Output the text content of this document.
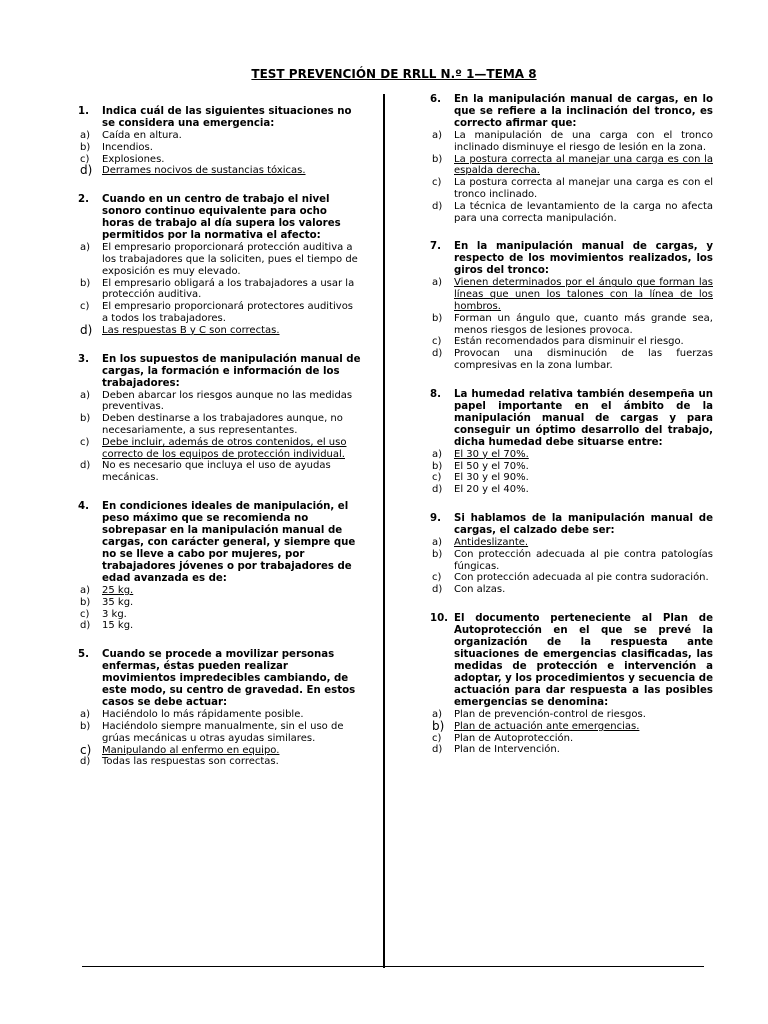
TEST PREVENCIÓN DE RRLL N.º 1—TEMA 8
1.	Indica cuál de las siguientes situaciones no se considera una emergencia:
a)	Caída en altura.
b)	Incendios.
c)	Explosiones.
d) Derrames nocivos de sustancias tóxicas.
2.	Cuando en un centro de trabajo el nivel sonoro continuo equivalente para ocho horas de trabajo al día supera los valores permitidos por la normativa el afecto:
a)	El empresario proporcionará protección auditiva a los trabajadores que la soliciten, pues el tiempo de exposición es muy elevado.
b)	El empresario obligará a los trabajadores a usar la protección auditiva.
c)	El empresario proporcionará protectores auditivos a todos los trabajadores.
d) Las respuestas B y C son correctas.
3.	En los supuestos de manipulación manual de cargas, la formación e información de los trabajadores:
a)	Deben abarcar los riesgos aunque no las medidas preventivas.
b)	Deben destinarse a los trabajadores aunque, no necesariamente, a sus representantes.
c)	Debe incluir, además de otros contenidos, el uso correcto de los equipos de protección individual.
d)	No es necesario que incluya el uso de ayudas mecánicas.
4.	En condiciones ideales de manipulación, el peso máximo que se recomienda no sobrepasar en la manipulación manual de cargas, con carácter general, y siempre que no se lleve a cabo por mujeres, por trabajadores jóvenes o por trabajadores de edad avanzada es de:
a)	25 kg.
b)	35 kg.
c)	3 kg.
d)	15 kg.
5.	Cuando se procede a movilizar personas enfermas, éstas pueden realizar movimientos impredecibles cambiando, de este modo, su centro de gravedad. En estos casos se debe actuar:
a)	Haciéndolo lo más rápidamente posible.
b)	Haciéndolo siempre manualmente, sin el uso de grúas mecánicas u otras ayudas similares.
c)	Manipulando al enfermo en equipo.
d)	Todas las respuestas son correctas.
6.	En la manipulación manual de cargas, en lo que se refiere a la inclinación del tronco, es correcto afirmar que:
a)	La manipulación de una carga con el tronco inclinado disminuye el riesgo de lesión en la zona.
b)	La postura correcta al manejar una carga es con la espalda derecha.
c)	La postura correcta al manejar una carga es con el tronco inclinado.
d)	La técnica de levantamiento de la carga no afecta para una correcta manipulación.
7.	En la manipulación manual de cargas, y respecto de los movimientos realizados, los giros del tronco:
a)	Vienen determinados por el ángulo que forman las líneas que unen los talones con la línea de los hombros.
b)	Forman un ángulo que, cuanto más grande sea, menos riesgos de lesiones provoca.
c)	Están recomendados para disminuir el riesgo.
d)	Provocan una disminución de las fuerzas compresivas en la zona lumbar.
8.	La humedad relativa también desempeña un papel importante en el ámbito de la manipulación manual de cargas y para conseguir un óptimo desarrollo del trabajo, dicha humedad debe situarse entre:
a)	El 30 y el 70%.
b)	El 50 y el 70%.
c)	El 30 y el 90%.
d)	El 20 y el 40%.
9.	Si hablamos de la manipulación manual de cargas, el calzado debe ser:
a)	Antideslizante.
b)	Con protección adecuada al pie contra patologías fúngicas.
c)	Con protección adecuada al pie contra sudoración.
d)	Con alzas.
10. El documento perteneciente al Plan de Autoprotección en el que se prevé la organización de la respuesta ante situaciones de emergencias clasificadas, las medidas de protección e intervención a adoptar, y los procedimientos y secuencia de actuación para dar respuesta a las posibles emergencias se denomina:
a)	Plan de prevención-control de riesgos.
b) Plan de actuación ante emergencias.
c)	Plan de Autoprotección.
d)	Plan de Intervención.
